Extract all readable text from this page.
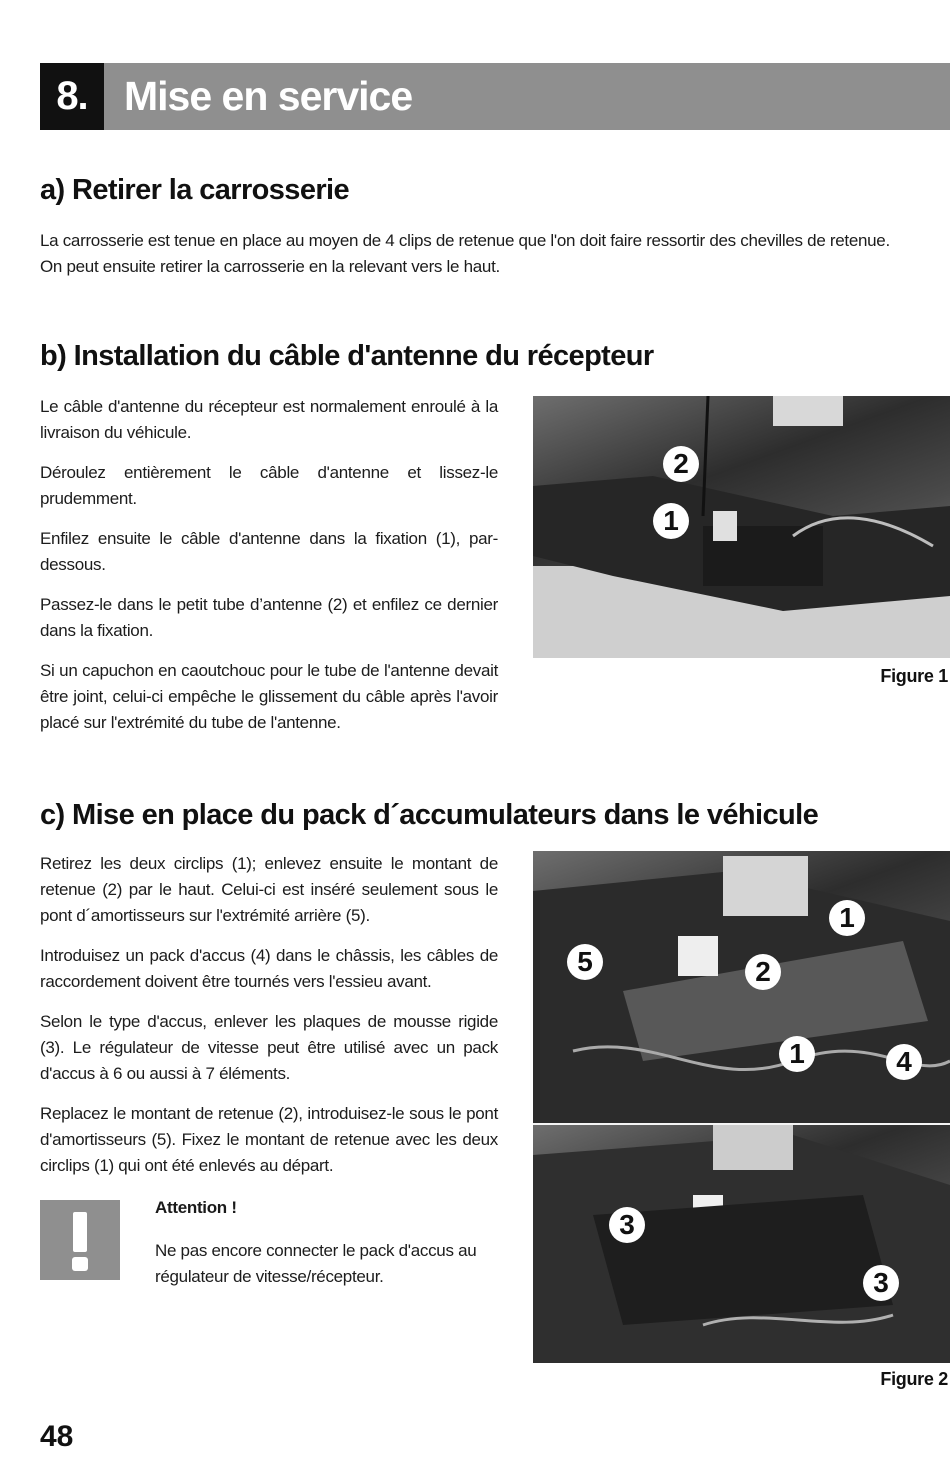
8. Mise en service
a) Retirer la carrosserie

La carrosserie est tenue en place au moyen de 4 clips de retenue que l'on doit faire ressortir des chevilles de retenue.

On peut ensuite retirer la carrosserie en la relevant vers le haut.

b) Installation du câble d'antenne du récepteur

Le câble d'antenne du récepteur est normalement enroulé à la livraison du véhicule.

Déroulez entièrement le câble d'antenne et lissez-le prudemment.

Enfilez ensuite le câble d'antenne dans la fixation (1), par-dessous.

Passez-le dans le petit tube d’antenne (2) et enfilez ce dernier dans la fixation.

Si un capuchon en caoutchouc pour le tube de l'antenne devait être joint, celui-ci empêche le glissement du câble après l'avoir placé sur l'extrémité du tube de l'antenne.

2
1
Figure 1
c) Mise en place du pack d´accumulateurs dans le véhicule

Retirez les deux circlips (1); enlevez ensuite le montant de retenue (2) par le haut. Celui-ci est inséré seulement sous le pont d´amortisseurs sur l'extrémité arrière (5).

Introduisez un pack d'accus (4) dans le châssis, les câbles de raccordement doivent être tournés vers l'essieu avant.

Selon le type d'accus, enlever les plaques de mousse rigide (3). Le régulateur de vitesse peut être utilisé avec un pack d'accus à 6 ou aussi à 7 éléments.

Replacez le montant de retenue (2), introduisez-le sous le pont d'amortisseurs (5). Fixez le montant de retenue avec les deux circlips (1) qui ont été enlevés au départ.

Attention !

Ne pas encore connecter le pack d'accus au régulateur de vitesse/récepteur.

1
5	2
1	4
3
3
Figure 2
48
